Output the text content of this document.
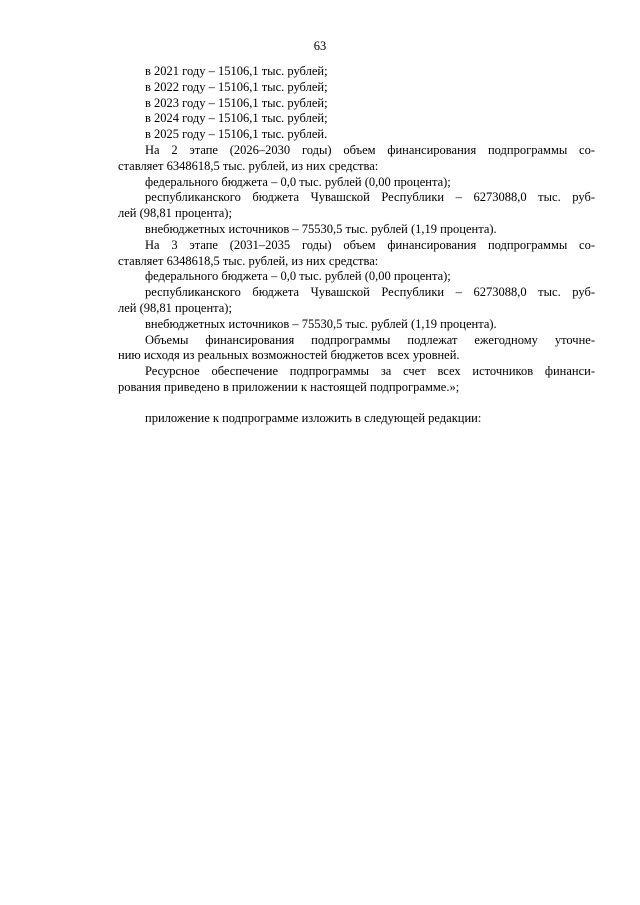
63
в 2021 году – 15106,1 тыс. рублей;
в 2022 году – 15106,1 тыс. рублей;
в 2023 году – 15106,1 тыс. рублей;
в 2024 году – 15106,1 тыс. рублей;
в 2025 году – 15106,1 тыс. рублей.
На 2 этапе (2026–2030 годы) объем финансирования подпрограммы со-
ставляет 6348618,5 тыс. рублей, из них средства:
федерального бюджета – 0,0 тыс. рублей (0,00 процента);
республиканского бюджета Чувашской Республики – 6273088,0 тыс. руб-
лей (98,81 процента);
внебюджетных источников – 75530,5 тыс. рублей (1,19 процента).
На 3 этапе (2031–2035 годы) объем финансирования подпрограммы со-
ставляет 6348618,5 тыс. рублей, из них средства:
федерального бюджета – 0,0 тыс. рублей (0,00 процента);
республиканского бюджета Чувашской Республики – 6273088,0 тыс. руб-
лей (98,81 процента);
внебюджетных источников – 75530,5 тыс. рублей (1,19 процента).
Объемы финансирования подпрограммы подлежат ежегодному уточне-
нию исходя из реальных возможностей бюджетов всех уровней.
Ресурсное обеспечение подпрограммы за счет всех источников финанси-
рования приведено в приложении к настоящей подпрограмме.»;
приложение к подпрограмме изложить в следующей редакции:
